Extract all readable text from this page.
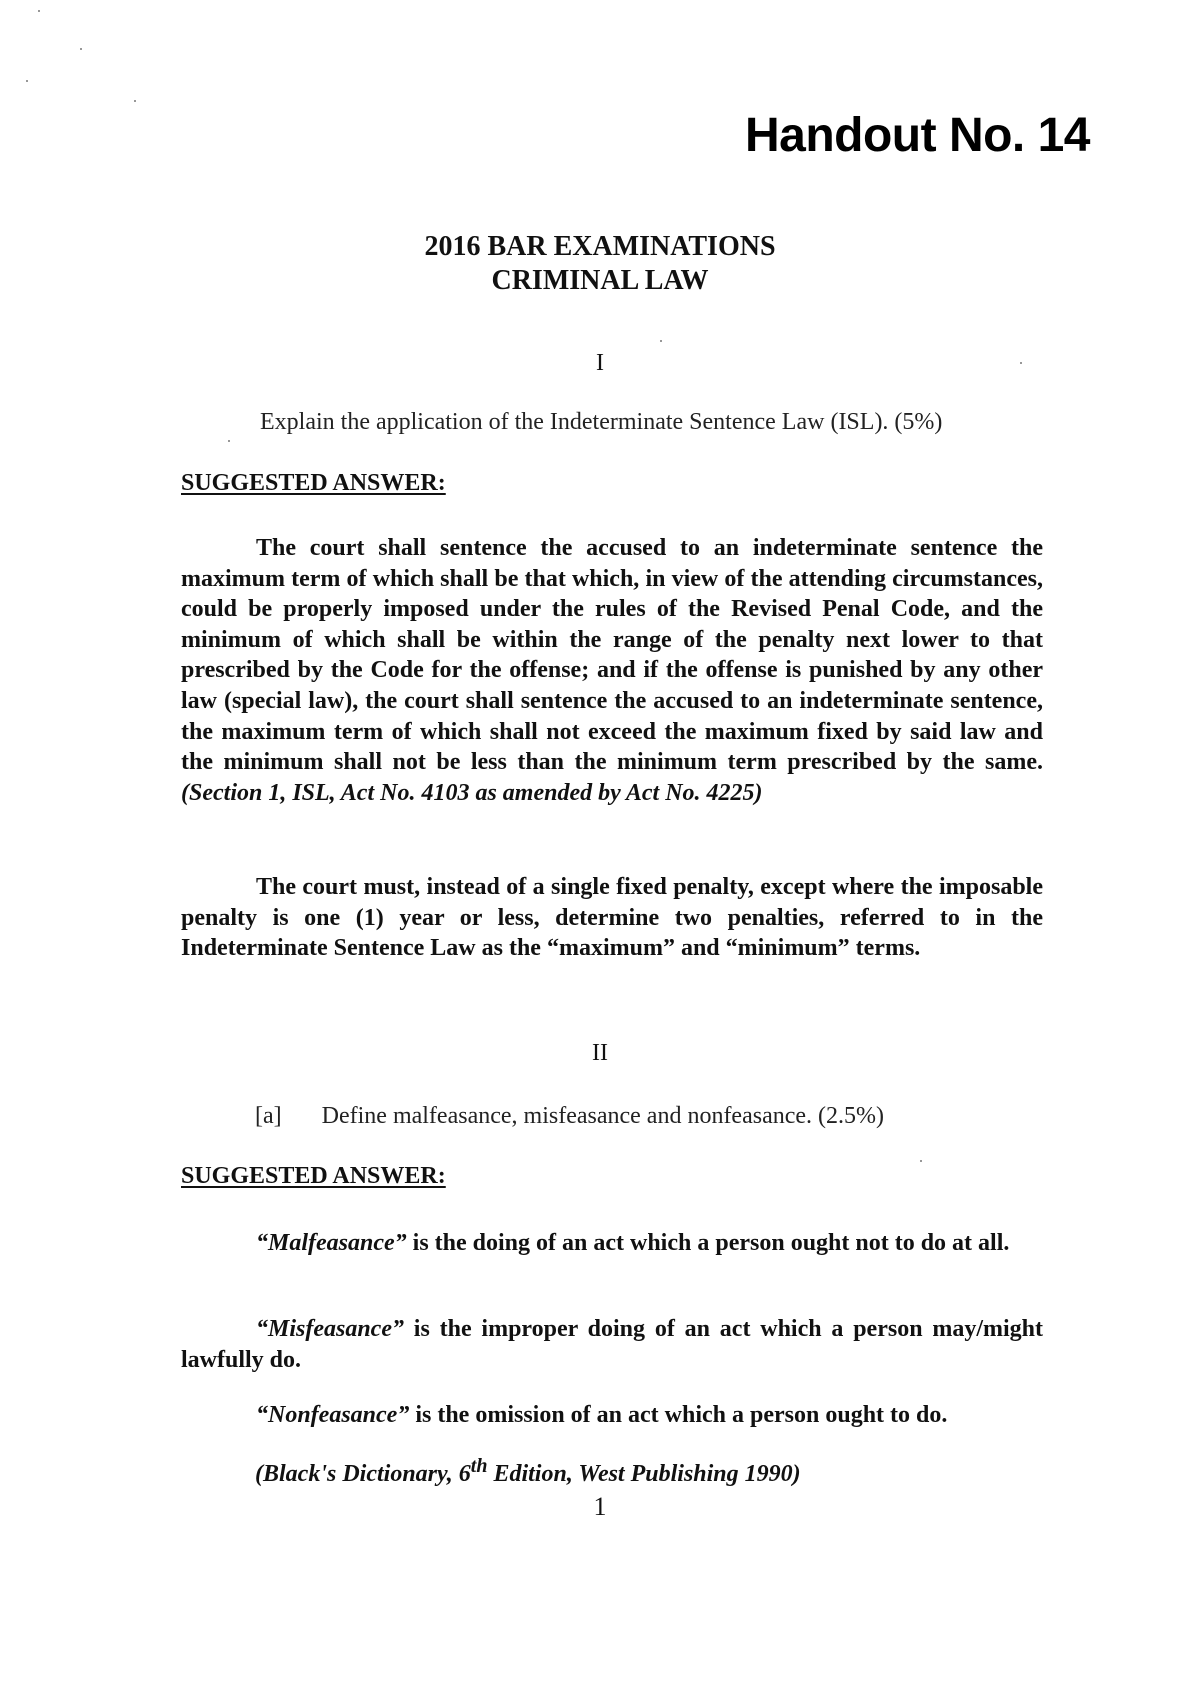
Handout No. 14
2016 BAR EXAMINATIONS
CRIMINAL LAW
I
Explain the application of the Indeterminate Sentence Law (ISL). (5%)
SUGGESTED ANSWER:
The court shall sentence the accused to an indeterminate sentence the maximum term of which shall be that which, in view of the attending circumstances, could be properly imposed under the rules of the Revised Penal Code, and the minimum of which shall be within the range of the penalty next lower to that prescribed by the Code for the offense; and if the offense is punished by any other law (special law), the court shall sentence the accused to an indeterminate sentence, the maximum term of which shall not exceed the maximum fixed by said law and the minimum shall not be less than the minimum term prescribed by the same. (Section 1, ISL, Act No. 4103 as amended by Act No. 4225)
The court must, instead of a single fixed penalty, except where the imposable penalty is one (1) year or less, determine two penalties, referred to in the Indeterminate Sentence Law as the “maximum” and “minimum” terms.
II
[a] Define malfeasance, misfeasance and nonfeasance. (2.5%)
SUGGESTED ANSWER:
“Malfeasance” is the doing of an act which a person ought not to do at all.
“Misfeasance” is the improper doing of an act which a person may/might lawfully do.
“Nonfeasance” is the omission of an act which a person ought to do.
(Black's Dictionary, 6th Edition, West Publishing 1990)
1
